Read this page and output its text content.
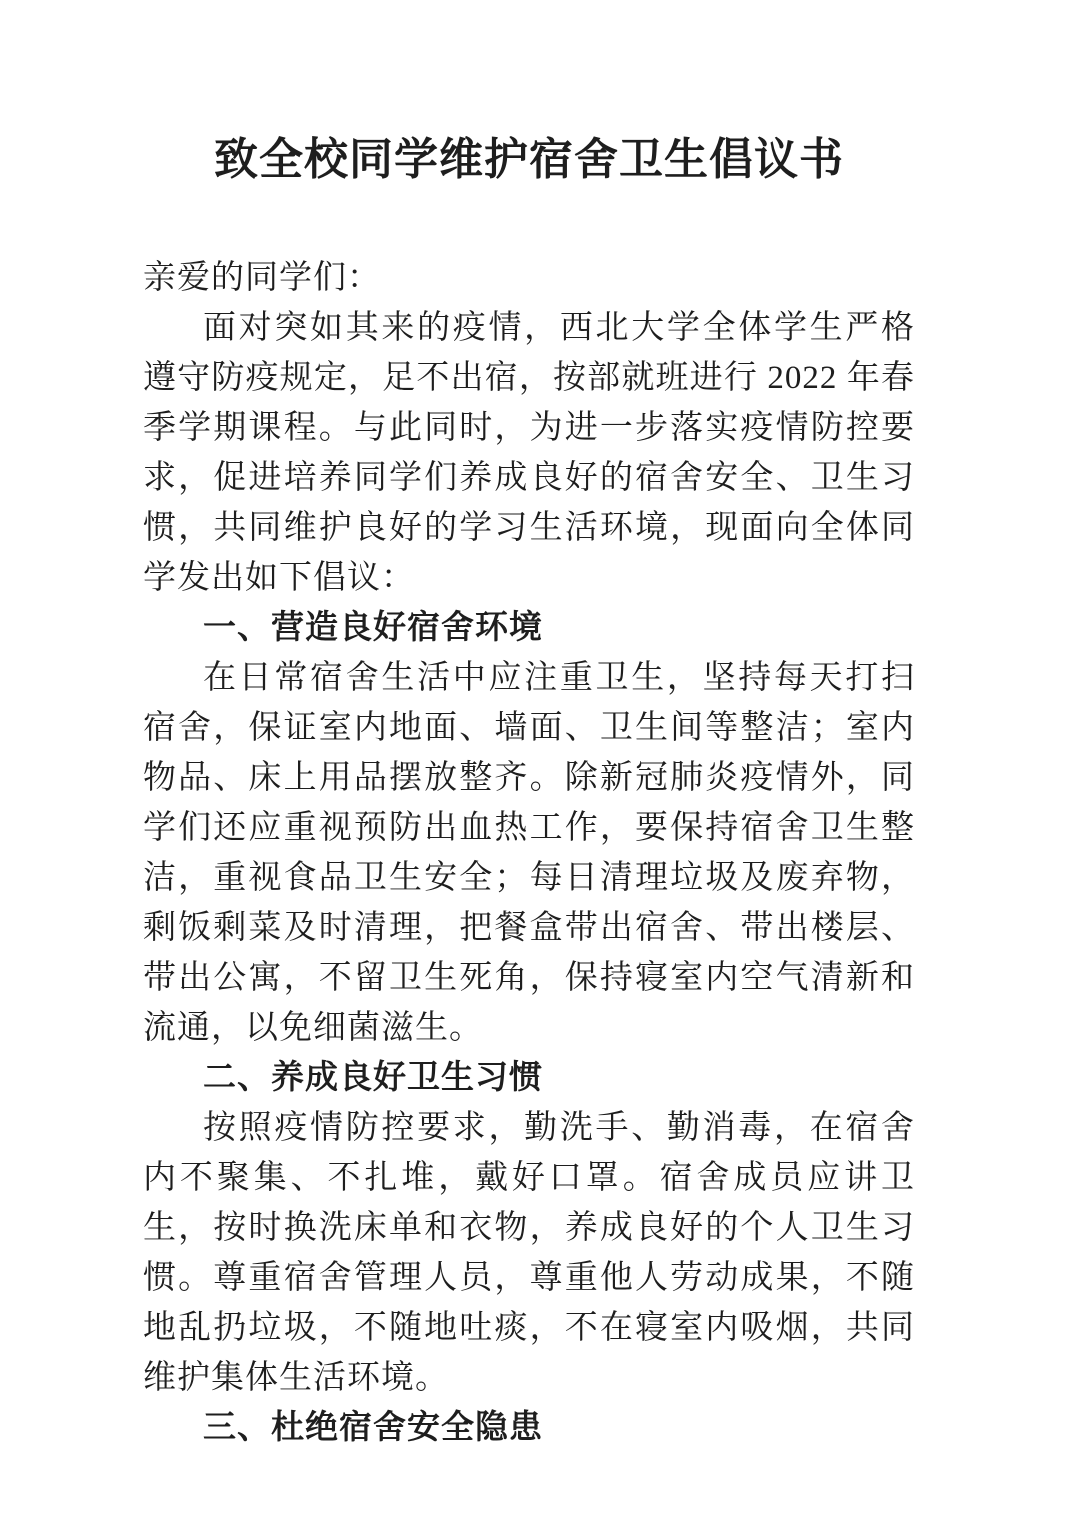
致全校同学维护宿舍卫生倡议书

亲爱的同学们：

面对突如其来的疫情，西北大学全体学生严格遵守防疫规定，足不出宿，按部就班进行 2022 年春季学期课程。与此同时，为进一步落实疫情防控要求，促进培养同学们养成良好的宿舍安全、卫生习惯，共同维护良好的学习生活环境，现面向全体同学发出如下倡议：

一、营造良好宿舍环境

在日常宿舍生活中应注重卫生，坚持每天打扫宿舍，保证室内地面、墙面、卫生间等整洁；室内物品、床上用品摆放整齐。除新冠肺炎疫情外，同学们还应重视预防出血热工作，要保持宿舍卫生整洁，重视食品卫生安全；每日清理垃圾及废弃物，剩饭剩菜及时清理，把餐盒带出宿舍、带出楼层、带出公寓，不留卫生死角，保持寝室内空气清新和流通，以免细菌滋生。

二、养成良好卫生习惯

按照疫情防控要求，勤洗手、勤消毒，在宿舍内不聚集、不扎堆，戴好口罩。宿舍成员应讲卫生，按时换洗床单和衣物，养成良好的个人卫生习惯。尊重宿舍管理人员，尊重他人劳动成果，不随地乱扔垃圾，不随地吐痰，不在寝室内吸烟，共同维护集体生活环境。

三、杜绝宿舍安全隐患
